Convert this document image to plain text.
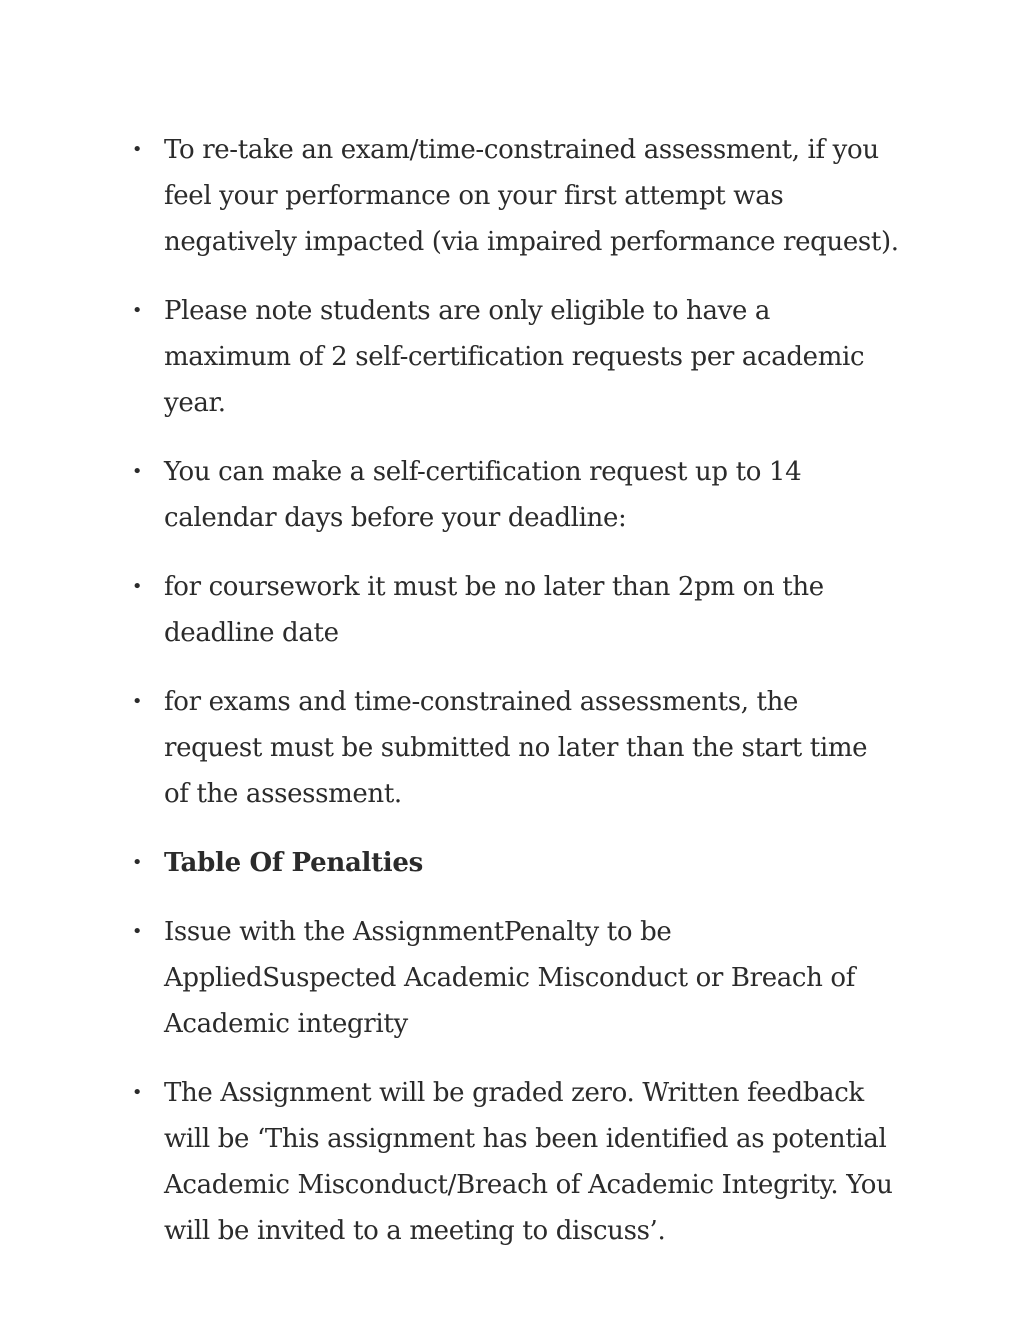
• To re-take an exam/time-constrained assessment, if you feel your performance on your first attempt was negatively impacted (via impaired performance request).
• Please note students are only eligible to have a maximum of 2 self-certification requests per academic year.
• You can make a self-certification request up to 14 calendar days before your deadline:
• for coursework it must be no later than 2pm on the deadline date
• for exams and time-constrained assessments, the request must be submitted no later than the start time of the assessment.
• Table Of Penalties
• Issue with the AssignmentPenalty to be AppliedSuspected Academic Misconduct or Breach of Academic integrity
• The Assignment will be graded zero. Written feedback will be ‘This assignment has been identified as potential Academic Misconduct/Breach of Academic Integrity. You will be invited to a meeting to discuss’.
